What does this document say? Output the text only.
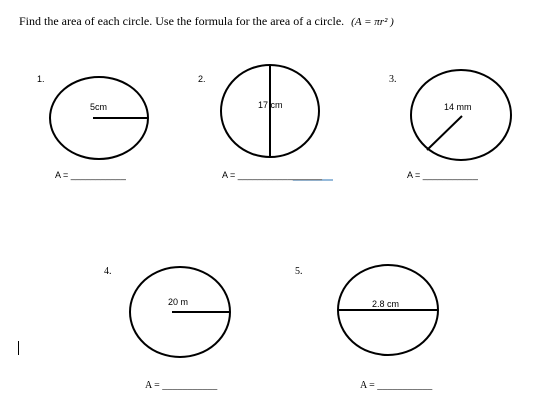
Find the area of each circle. Use the formula for the area of a circle. (A = πr² )
1.	2.	3.
4.	5.
5cm	17 cm	14 mm
20 m	2.8 cm
A = ___________	A = ___________ ______	A = ___________
A = ___________	A = ___________
